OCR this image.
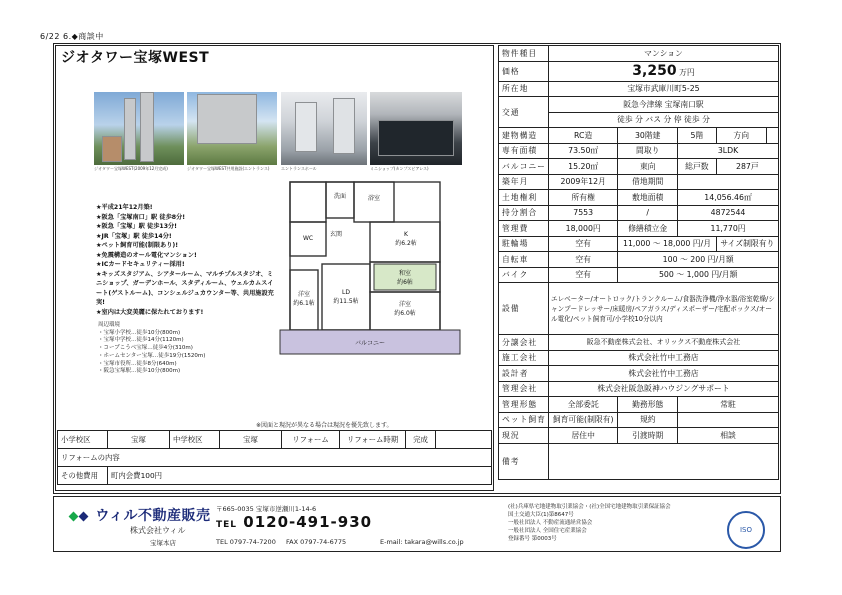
6/22 6.◆商談中
ジオタワー宝塚WEST
ジオタワー宝塚WEST(2009年12月完成)	ジオタワー宝塚WEST共用施設(エントランス)	エントランスホール	ミニショップ(カンプスピアレス)
★平成21年12月築!
★阪急「宝塚南口」駅 徒歩8分!
★阪急「宝塚」駅 徒歩13分!
★JR「宝塚」駅 徒歩14分!
★ペット飼育可能(制限あり)!
★免震構造のオール電化マンション!
★ICカードセキュリティー採用!
★キッズスタジアム、シアタールーム、マルチプルスタジオ、ミニショップ、ガーデンホール、スタディルーム、ウェルカムスイート(ゲストルーム)、コンシェルジュカウンター等、共用施設充実!
★室内は大変美麗に保たれております!
周辺環境
・宝塚小学校…徒歩10分(800m)
・宝塚中学校…徒歩14分(1120m)
・コープこうべ宝塚…徒歩4分(310m)
・ホームセンター宝塚…徒歩19分(1520m)
・宝塚市役所…徒歩8分(640m)
・阪急宝塚駅…徒歩10分(800m)
WC
洗面	浴室
玄関	K
約6.2帖
和室
約6帖
洋室
約6.1帖
LD
約11.5帖	洋室
約6.0帖
バルコニー
※図面と現況が異なる場合は現況を優先致します。
小学校区	宝塚	中学校区	宝塚	リフォーム	リフォーム時期	完成	
リフォームの内容							
その他費用	町内会費100円						
物件種目	マンション				
価格	3,250 万円				
所在地	宝塚市武庫川町5-25				
交通	阪急今津線 宝塚南口駅				
	徒歩 分 バス 分 停 徒歩 分				
建物構造	RC造	30階建	5階	方向	
専有面積	73.50㎡	間取り	3LDK		
バルコニー	15.20㎡	東向	総戸数	287戸	
築年月	2009年12月	借地期間			
土地権利	所有権	敷地面積	14,056.46㎡		
持分割合	7553	/	4872544		
管理費	18,000円	修繕積立金	11,770円		
駐輪場	空有	11,000 〜 18,000 円/月		サイズ制限有り	
自転車	空有	100 〜 200 円/月額			
バイク	空有	500 〜 1,000 円/月額			
設備	エレベーター/オートロック/トランクルーム/食器洗浄機/浄水器/浴室乾燥/シャンプードレッサー/床暖房/ペアガラス/ディスポーザー/宅配ボックス/オール電化/ペット飼育可/小学校10分以内				
分譲会社	阪急不動産株式会社、オリックス不動産株式会社				
施工会社	株式会社竹中工務店				
設計者	株式会社竹中工務店				
管理会社	株式会社阪急阪神ハウジングサポート				
管理形態	全部委託	勤務形態	常駐		
ペット飼育	飼育可能(制限有)	規約			
現況	居住中	引渡時期	相談		
備考					
ウィル不動産販売
株式会社ウィル
〒665-0035 宝塚市逆瀬川1-14-6
TEL 0120-491-930
宝塚本店	TEL 0797-74-7200 FAX 0797-74-6775	E-mail: takara@wills.co.jp
(社)兵庫県宅地建物取引業協会・(社)全国宅地建物取引業保証協会
国土交通大臣(1)第8647号
一般社団法人 不動産流通経営協会
一般社団法人 全国住宅産業協会
登録番号 第0003号
ISO
